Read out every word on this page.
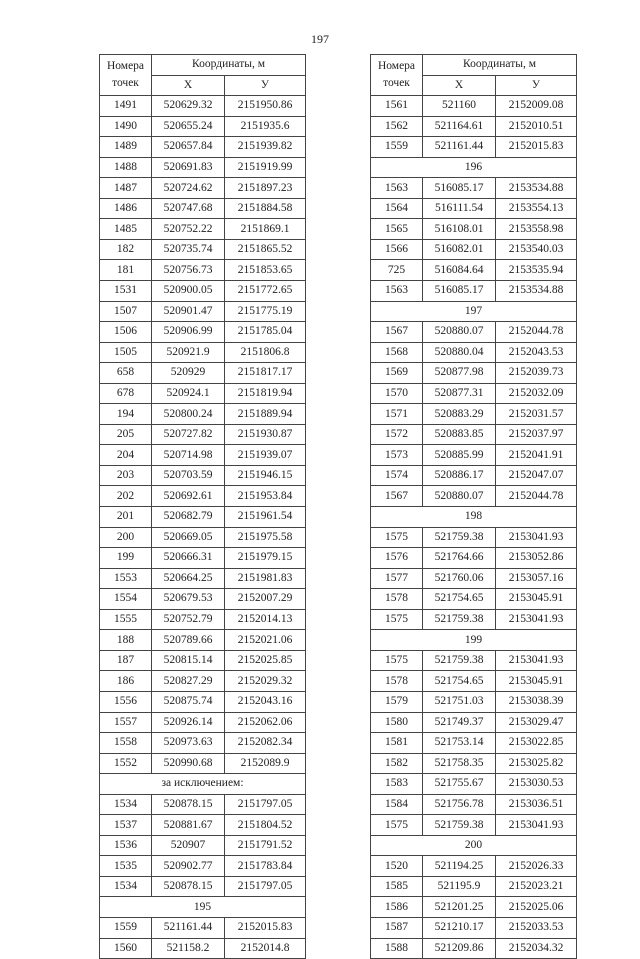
197
Номера точек	Координаты, м	
	X	У
1491	520629.32	2151950.86
1490	520655.24	2151935.6
1489	520657.84	2151939.82
1488	520691.83	2151919.99
1487	520724.62	2151897.23
1486	520747.68	2151884.58
1485	520752.22	2151869.1
182	520735.74	2151865.52
181	520756.73	2151853.65
1531	520900.05	2151772.65
1507	520901.47	2151775.19
1506	520906.99	2151785.04
1505	520921.9	2151806.8
658	520929	2151817.17
678	520924.1	2151819.94
194	520800.24	2151889.94
205	520727.82	2151930.87
204	520714.98	2151939.07
203	520703.59	2151946.15
202	520692.61	2151953.84
201	520682.79	2151961.54
200	520669.05	2151975.58
199	520666.31	2151979.15
1553	520664.25	2151981.83
1554	520679.53	2152007.29
1555	520752.79	2152014.13
188	520789.66	2152021.06
187	520815.14	2152025.85
186	520827.29	2152029.32
1556	520875.74	2152043.16
1557	520926.14	2152062.06
1558	520973.63	2152082.34
1552	520990.68	2152089.9
за исключением:		
1534	520878.15	2151797.05
1537	520881.67	2151804.52
1536	520907	2151791.52
1535	520902.77	2151783.84
1534	520878.15	2151797.05
195		
1559	521161.44	2152015.83
1560	521158.2	2152014.8
Номера точек	Координаты, м	
	X	У
1561	521160	2152009.08
1562	521164.61	2152010.51
1559	521161.44	2152015.83
196		
1563	516085.17	2153534.88
1564	516111.54	2153554.13
1565	516108.01	2153558.98
1566	516082.01	2153540.03
725	516084.64	2153535.94
1563	516085.17	2153534.88
197		
1567	520880.07	2152044.78
1568	520880.04	2152043.53
1569	520877.98	2152039.73
1570	520877.31	2152032.09
1571	520883.29	2152031.57
1572	520883.85	2152037.97
1573	520885.99	2152041.91
1574	520886.17	2152047.07
1567	520880.07	2152044.78
198		
1575	521759.38	2153041.93
1576	521764.66	2153052.86
1577	521760.06	2153057.16
1578	521754.65	2153045.91
1575	521759.38	2153041.93
199		
1575	521759.38	2153041.93
1578	521754.65	2153045.91
1579	521751.03	2153038.39
1580	521749.37	2153029.47
1581	521753.14	2153022.85
1582	521758.35	2153025.82
1583	521755.67	2153030.53
1584	521756.78	2153036.51
1575	521759.38	2153041.93
200		
1520	521194.25	2152026.33
1585	521195.9	2152023.21
1586	521201.25	2152025.06
1587	521210.17	2152033.53
1588	521209.86	2152034.32
